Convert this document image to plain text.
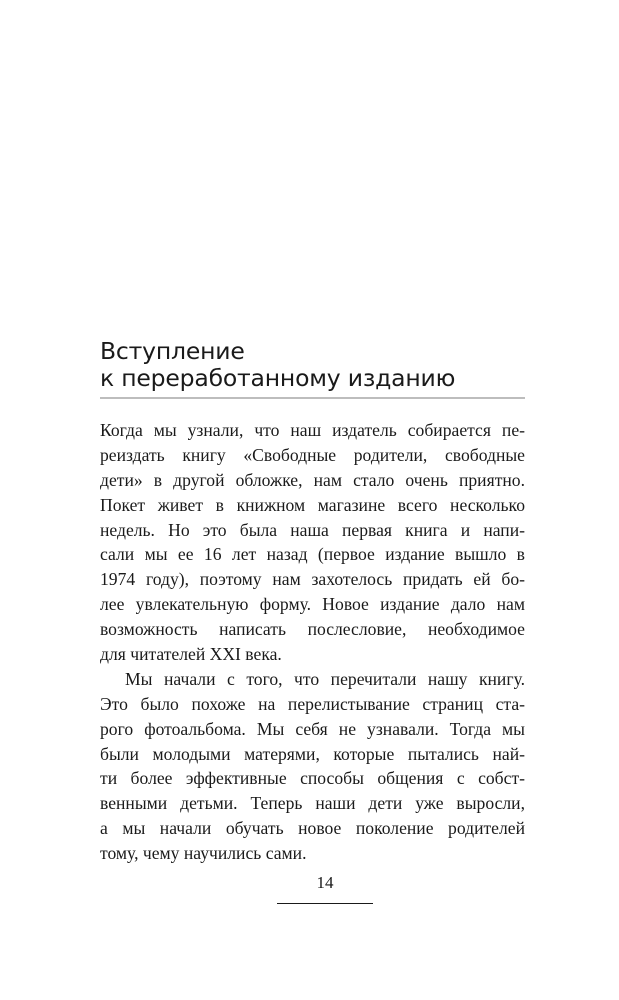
Вступление
к переработанному изданию
Когда мы узнали, что наш издатель собирается пе-
реиздать книгу «Свободные родители, свободные
дети» в другой обложке, нам стало очень приятно.
Покет живет в книжном магазине всего несколько
недель. Но это была наша первая книга и напи-
сали мы ее 16 лет назад (первое издание вышло в
1974 году), поэтому нам захотелось придать ей бо-
лее увлекательную форму. Новое издание дало нам
возможность написать послесловие, необходимое
для читателей XXI века.
Мы начали с того, что перечитали нашу книгу.
Это было похоже на перелистывание страниц ста-
рого фотоальбома. Мы себя не узнавали. Тогда мы
были молодыми матерями, которые пытались най-
ти более эффективные способы общения с собст-
венными детьми. Теперь наши дети уже выросли,
а мы начали обучать новое поколение родителей
тому, чему научились сами.
14
